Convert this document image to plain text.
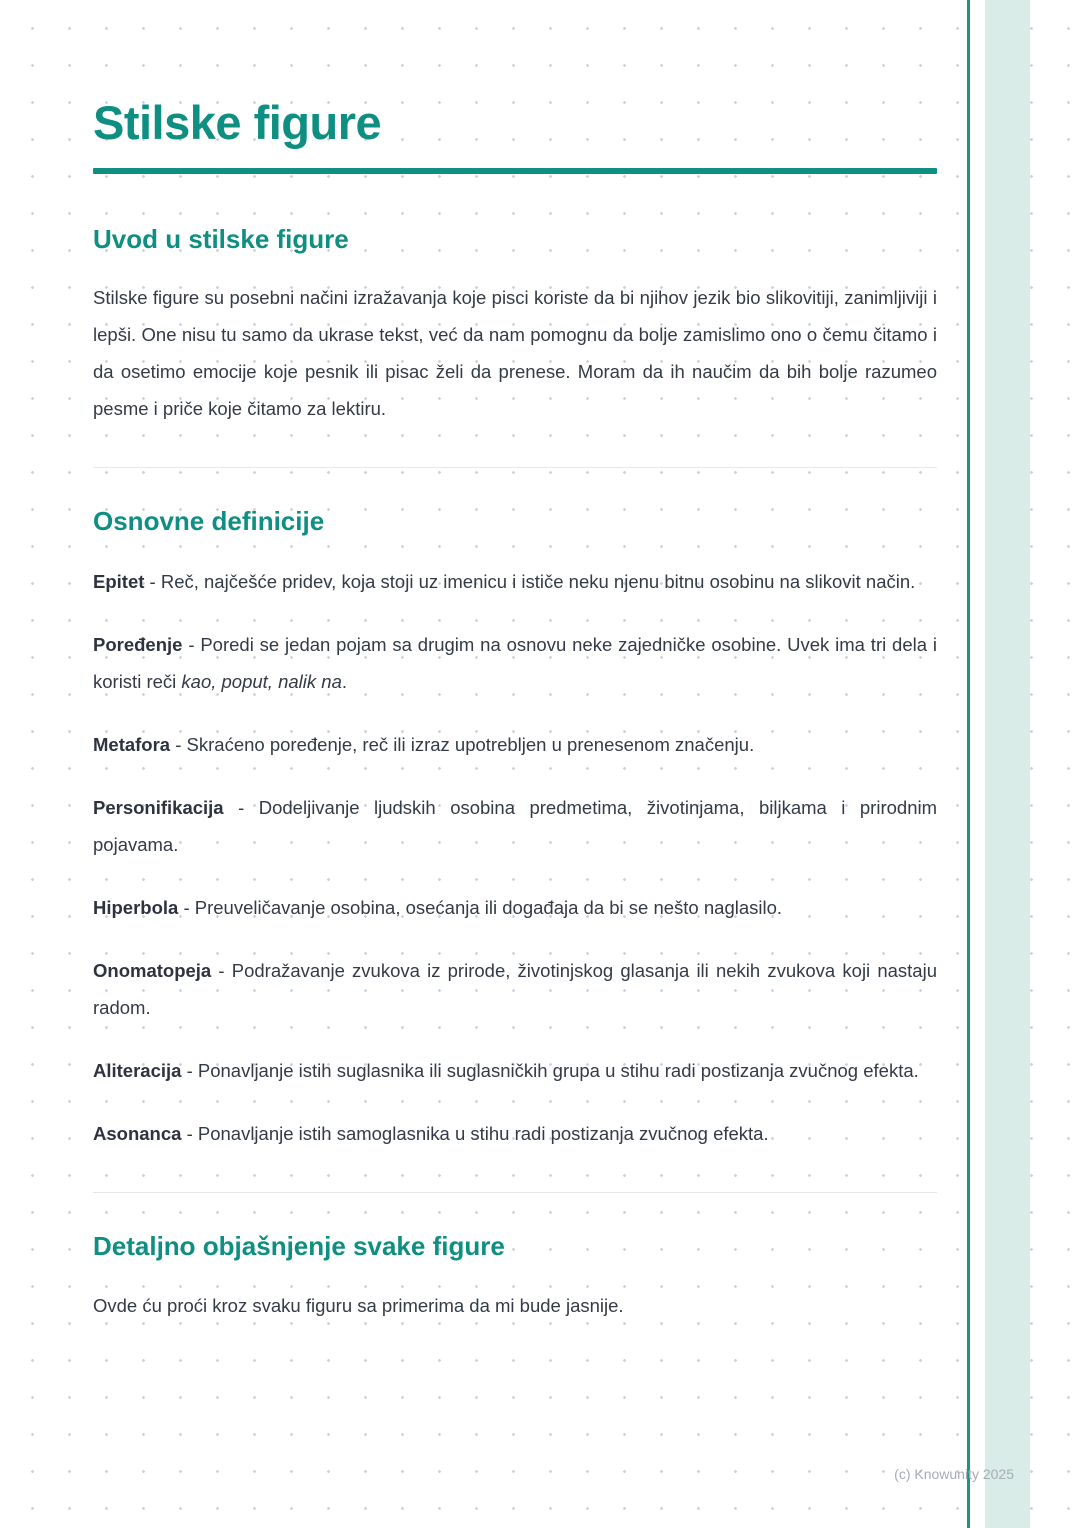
Stilske figure
Uvod u stilske figure

Stilske figure su posebni načini izražavanja koje pisci koriste da bi njihov jezik bio slikovitiji, zanimljiviji i lepši. One nisu tu samo da ukrase tekst, već da nam pomognu da bolje zamislimo ono o čemu čitamo i da osetimo emocije koje pesnik ili pisac želi da prenese. Moram da ih naučim da bih bolje razumeo pesme i priče koje čitamo za lektiru.

Osnovne definicije

Epitet - Reč, najčešće pridev, koja stoji uz imenicu i ističe neku njenu bitnu osobinu na slikovit način.

Poređenje - Poredi se jedan pojam sa drugim na osnovu neke zajedničke osobine. Uvek ima tri dela i koristi reči kao, poput, nalik na.

Metafora - Skraćeno poređenje, reč ili izraz upotrebljen u prenesenom značenju.

Personifikacija - Dodeljivanje ljudskih osobina predmetima, životinjama, biljkama i prirodnim pojavama.

Hiperbola - Preuveličavanje osobina, osećanja ili događaja da bi se nešto naglasilo.

Onomatopeja - Podražavanje zvukova iz prirode, životinjskog glasanja ili nekih zvukova koji nastaju radom.

Aliteracija - Ponavljanje istih suglasnika ili suglasničkih grupa u stihu radi postizanja zvučnog efekta.

Asonanca - Ponavljanje istih samoglasnika u stihu radi postizanja zvučnog efekta.

Detaljno objašnjenje svake figure

Ovde ću proći kroz svaku figuru sa primerima da mi bude jasnije.

(c) Knowunity 2025
